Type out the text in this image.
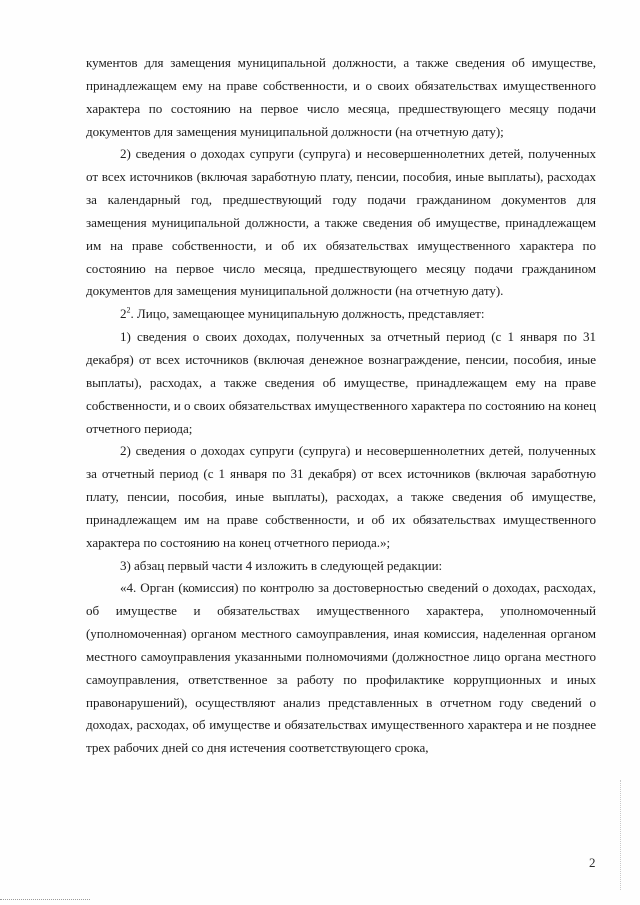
кументов для замещения муниципальной должности, а также сведения об имуществе, принадлежащем ему на праве собственности, и о своих обязательствах имущественного характера по состоянию на первое число месяца, предшествующего месяцу подачи документов для замещения муниципальной должности (на отчетную дату);

2) сведения о доходах супруги (супруга) и несовершеннолетних детей, полученных от всех источников (включая заработную плату, пенсии, пособия, иные выплаты), расходах за календарный год, предшествующий году подачи гражданином документов для замещения муниципальной должности, а также сведения об имуществе, принадлежащем им на праве собственности, и об их обязательствах имущественного характера по состоянию на первое число месяца, предшествующего месяцу подачи гражданином документов для замещения муниципальной должности (на отчетную дату).

$2^2$. Лицо, замещающее муниципальную должность, представляет:

1) сведения о своих доходах, полученных за отчетный период (с 1 января по 31 декабря) от всех источников (включая денежное вознаграждение, пенсии, пособия, иные выплаты), расходах, а также сведения об имуществе, принадлежащем ему на праве собственности, и о своих обязательствах имущественного характера по состоянию на конец отчетного периода;

2) сведения о доходах супруги (супруга) и несовершеннолетних детей, полученных за отчетный период (с 1 января по 31 декабря) от всех источников (включая заработную плату, пенсии, пособия, иные выплаты), расходах, а также сведения об имуществе, принадлежащем им на праве собственности, и об их обязательствах имущественного характера по состоянию на конец отчетного периода.»;

3) абзац первый части 4 изложить в следующей редакции:

«4. Орган (комиссия) по контролю за достоверностью сведений о доходах, расходах, об имуществе и обязательствах имущественного характера, уполномоченный (уполномоченная) органом местного самоуправления, иная комиссия, наделенная органом местного самоуправления указанными полномочиями (должностное лицо органа местного самоуправления, ответственное за работу по профилактике коррупционных и иных правонарушений), осуществляют анализ представленных в отчетном году сведений о доходах, расходах, об имуществе и обязательствах имущественного характера и не позднее трех рабочих дней со дня истечения соответствующего срока,

2
